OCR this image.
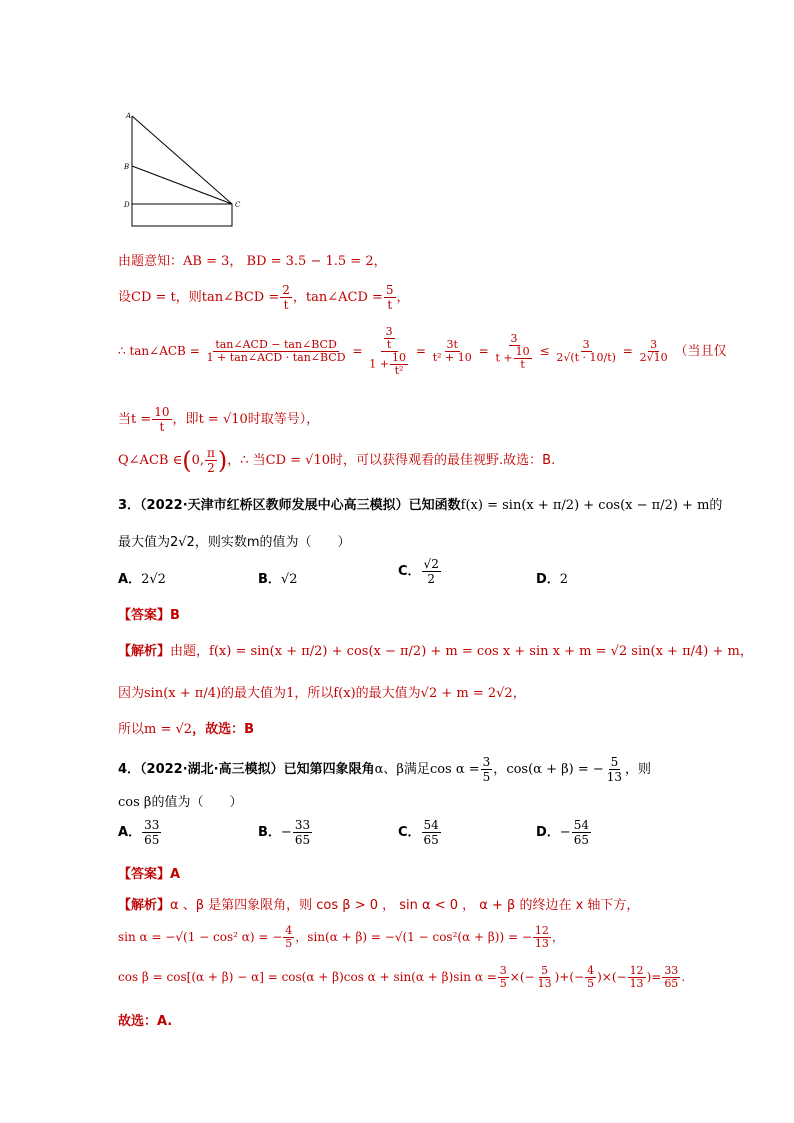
A
B
D	C
由题意知：AB = 3， BD = 3.5 − 1.5 = 2，
设CD = t，则tan∠BCD = $\frac{2}{t}$ ，tan∠ACD = $\frac{5}{t}$ ，
∴ tan∠ACB = $\frac{\text{tan∠ACD − tan∠BCD}}{\text{1 + tan∠ACD · tan∠BCD}} = \frac{\frac{3}{t}}{1 + \frac{10}{\text{t²}}} = \frac{3t}{\text{t² + 10}} = \frac{3}{t + \frac{10}{t}} \le \frac{3}{2√(t \cdot 10/t)} = \frac{3}{2√10}$ （当且仅
当$t = \frac{10}{t}$ ，即t = √10时取等号），
Q∠ACB ∈(0, $\frac{\pi}{2}$ )，∴ 当CD = √10时，可以获得观看的最佳视野.故选：B.
3．（2022·天津市红桥区教师发展中心高三模拟）已知函数f(x) = sin(x + π/2) + cos(x − π/2) + m的
最大值为2√2，则实数m的值为（　　）
A．2√2	B．√2
C． $\frac{√2}{2}$	D．2
【答案】B
【解析】由题，f(x) = sin(x + π/2) + cos(x − π/2) + m = cos x + sin x + m = √2 sin(x + π/4) + m，
因为sin(x + π/4)的最大值为1，所以f(x)的最大值为√2 + m = 2√2，
所以m = √2，故选：B
4．（2022·湖北·高三模拟）已知第四象限角α、β满足$\cos \alpha = \frac{3}{5}$ ，cos(α + β) = − $\frac{5}{13}$ ，则
cos β的值为（　　）
A． $\frac{33}{65}$	B．− $\frac{33}{65}$	C． $\frac{54}{65}$	D．− $\frac{54}{65}$
【答案】A
【解析】α 、β 是第四象限角，则 cos β > 0 ， sin α < 0 ， α + β 的终边在 x 轴下方，
sin α = −√(1 − cos² α) = − $\frac{4}{5}$ ，sin(α + β) = −√(1 − cos²(α + β)) = − $\frac{12}{13}$ ，
cos β = cos[(α + β) − α] = cos(α + β)cos α + sin(α + β)sin $\alpha = \frac{3}{5}$ ×(− $\frac{5}{13}$ )+(− $\frac{4}{5}$ )×(− $\frac{12}{13}$ )= $\frac{33}{65}$ .
故选：A.
